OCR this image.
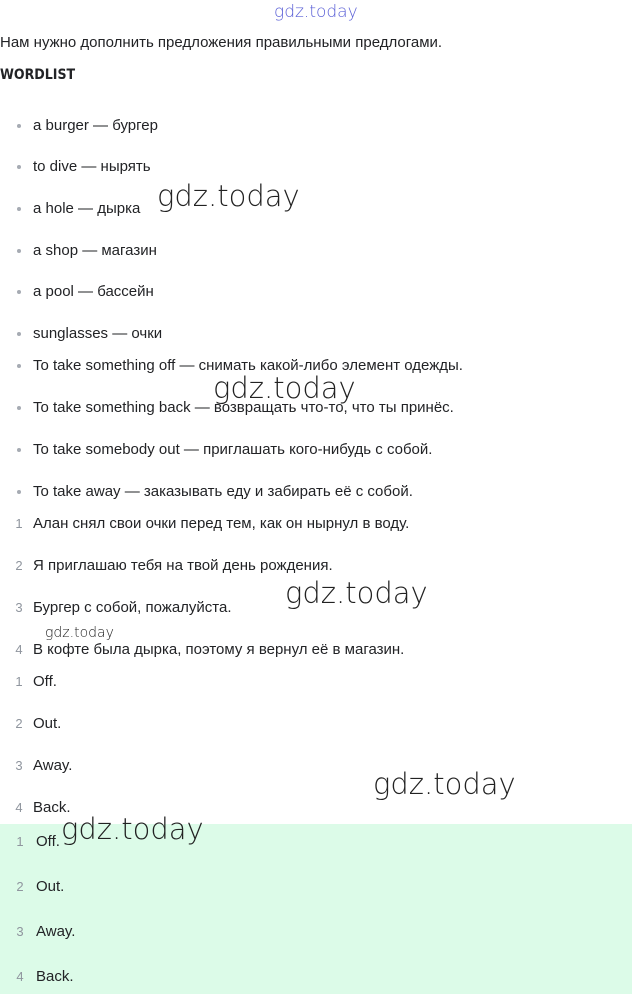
gdz.today
Нам нужно дополнить предложения правильными предлогами.
WORDLIST
a burger — бургер
to dive — нырять
a hole — дырка
a shop — магазин
a pool — бассейн
sunglasses — очки
To take something off — снимать какой-либо элемент одежды.
To take something back — возвращать что-то, что ты принёс.
To take somebody out — приглашать кого-нибудь с собой.
To take away — заказывать еду и забирать её с собой.
1 Алан снял свои очки перед тем, как он нырнул в воду.
2 Я приглашаю тебя на твой день рождения.
3 Бургер с собой, пожалуйста.
4 В кофте была дырка, поэтому я вернул её в магазин.
1 Off.
2 Out.
3 Away.
4 Back.
1 Off.
2 Out.
3 Away.
4 Back.
gdz.today
gdz.today
gdz.today
gdz.today
gdz.today
gdz.today
